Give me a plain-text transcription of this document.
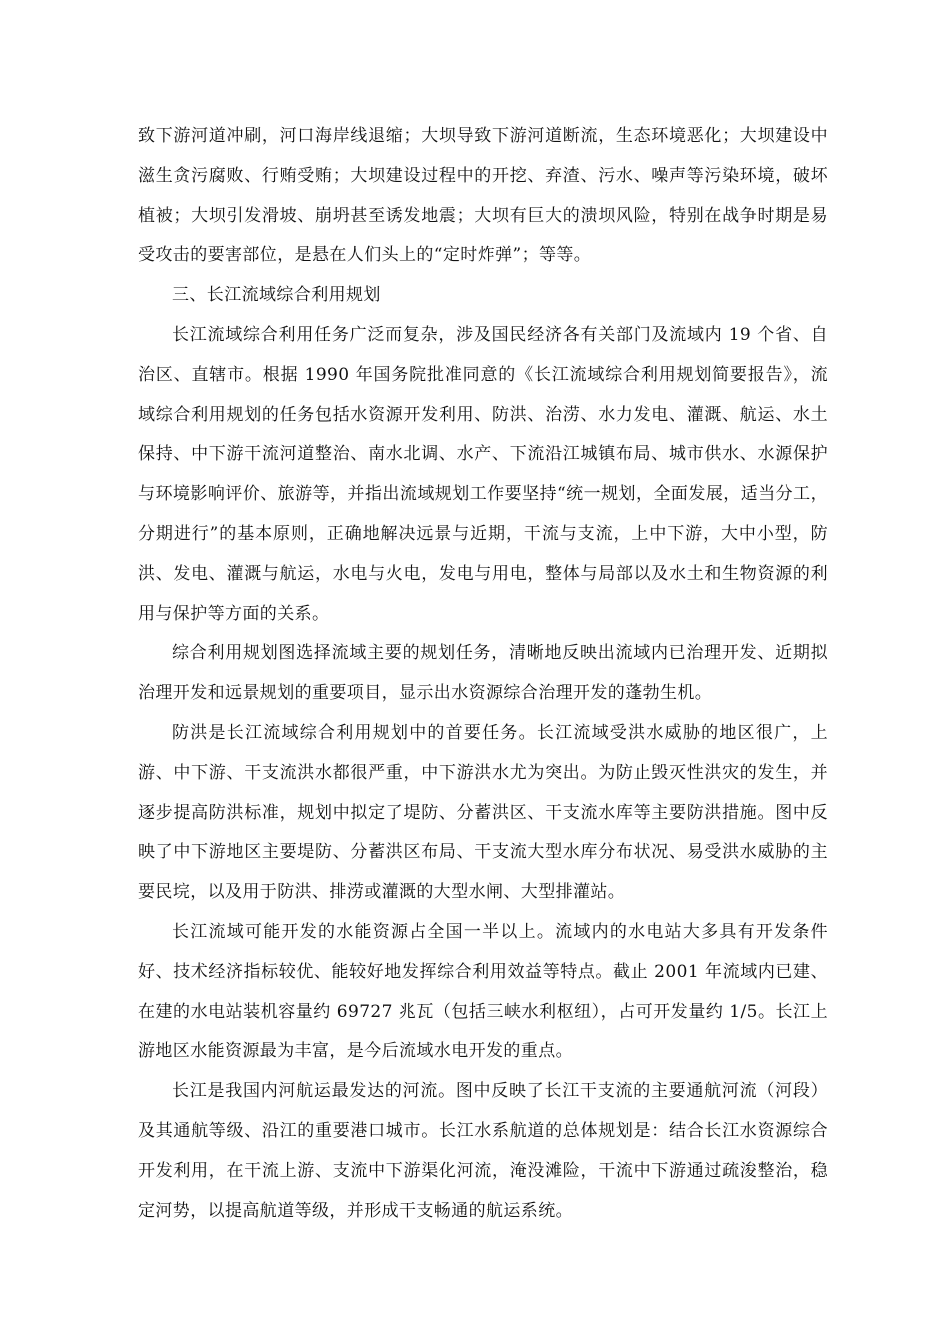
致下游河道冲刷，河口海岸线退缩；大坝导致下游河道断流，生态环境恶化；大坝建设中滋生贪污腐败、行贿受贿；大坝建设过程中的开挖、弃渣、污水、噪声等污染环境，破坏植被；大坝引发滑坡、崩坍甚至诱发地震；大坝有巨大的溃坝风险，特别在战争时期是易受攻击的要害部位，是悬在人们头上的“定时炸弹”；等等。

三、长江流域综合利用规划

长江流域综合利用任务广泛而复杂，涉及国民经济各有关部门及流域内 19 个省、自治区、直辖市。根据 1990 年国务院批准同意的《长江流域综合利用规划简要报告》，流域综合利用规划的任务包括水资源开发利用、防洪、治涝、水力发电、灌溉、航运、水土保持、中下游干流河道整治、南水北调、水产、下流沿江城镇布局、城市供水、水源保护与环境影响评价、旅游等，并指出流域规划工作要坚持“统一规划，全面发展，适当分工，分期进行”的基本原则，正确地解决远景与近期，干流与支流，上中下游，大中小型，防洪、发电、灌溉与航运，水电与火电，发电与用电，整体与局部以及水土和生物资源的利用与保护等方面的关系。

综合利用规划图选择流域主要的规划任务，清晰地反映出流域内已治理开发、近期拟治理开发和远景规划的重要项目，显示出水资源综合治理开发的蓬勃生机。

防洪是长江流域综合利用规划中的首要任务。长江流域受洪水威胁的地区很广，上游、中下游、干支流洪水都很严重，中下游洪水尤为突出。为防止毁灭性洪灾的发生，并逐步提高防洪标准，规划中拟定了堤防、分蓄洪区、干支流水库等主要防洪措施。图中反映了中下游地区主要堤防、分蓄洪区布局、干支流大型水库分布状况、易受洪水威胁的主要民垸，以及用于防洪、排涝或灌溉的大型水闸、大型排灌站。

长江流域可能开发的水能资源占全国一半以上。流域内的水电站大多具有开发条件好、技术经济指标较优、能较好地发挥综合利用效益等特点。截止 2001 年流域内已建、在建的水电站装机容量约 69727 兆瓦（包括三峡水利枢纽），占可开发量约 1/5。长江上游地区水能资源最为丰富，是今后流域水电开发的重点。

长江是我国内河航运最发达的河流。图中反映了长江干支流的主要通航河流（河段）及其通航等级、沿江的重要港口城市。长江水系航道的总体规划是：结合长江水资源综合开发利用，在干流上游、支流中下游渠化河流，淹没滩险，干流中下游通过疏浚整治，稳定河势，以提高航道等级，并形成干支畅通的航运系统。
